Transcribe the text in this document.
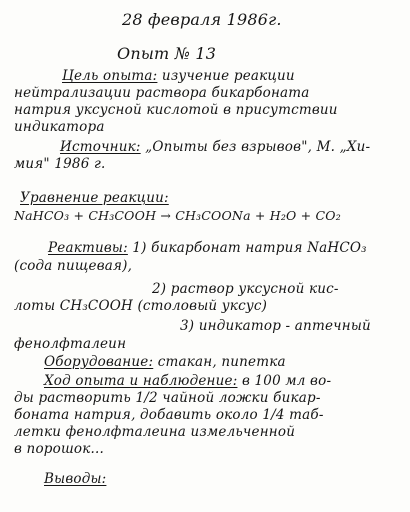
28 февраля 1986г.
Опыт № 13
Цель опыта: изучение реакции
нейтрализации раствора бикарбоната
натрия уксусной кислотой в присутствии
индикатора
Источник: „Опыты без взрывов", М. „Хи-
мия" 1986 г.
Уравнение реакции:
NaHCO₃ + CH₃COOH → CH₃COONa + H₂O + CO₂
Реактивы: 1) бикарбонат натрия NaHCO₃
(сода пищевая),
2) раствор уксусной кис-
лоты CH₃COOH (столовый уксус)
3) индикатор - аптечный
фенолфталеин
Оборудование: стакан, пипетка
Ход опыта и наблюдение: в 100 мл во-
ды растворить 1/2 чайной ложки бикар-
боната натрия, добавить около 1/4 таб-
летки фенолфталеина измельченной
в порошок...
Выводы:
